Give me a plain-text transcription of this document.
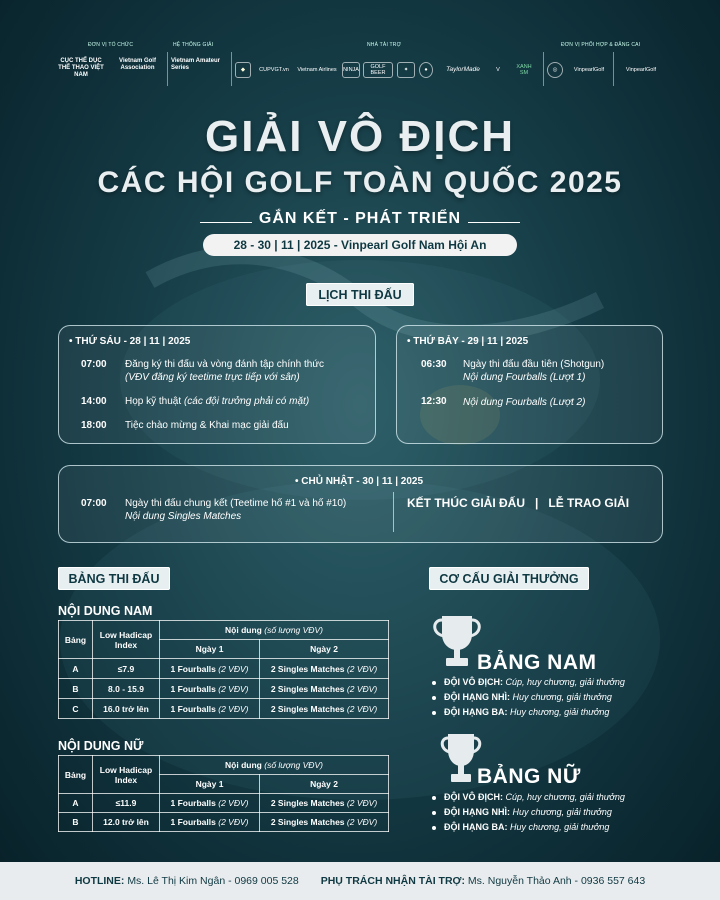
ĐƠN VỊ TỔ CHỨC
CỤC THỂ DỤC THỂ THAO VIỆT NAM
Vietnam Golf Association
HỆ THỐNG GIẢI
Vietnam Amateur Series
NHÀ TÀI TRỢ
◆	CUPVGT.vn	Vietnam Airlines	NINJA	GOLF BEER	✦	●	TaylorMade	V	XANH SM
ĐƠN VỊ PHỐI HỢP & ĐĂNG CAI
◎	VinpearlGolf	VinpearlGolf
GIẢI VÔ ĐỊCH
CÁC HỘI GOLF TOÀN QUỐC 2025
GẮN KẾT - PHÁT TRIỂN
28 - 30 | 11 | 2025 - Vinpearl Golf Nam Hội An
LỊCH THI ĐẤU
• THỨ SÁU - 28 | 11 | 2025
07:00 Đăng ký thi đấu và vòng đánh tập chính thức
(VĐV đăng ký teetime trực tiếp với sân)
14:00 Họp kỹ thuật (các đội trưởng phải có mặt)
18:00 Tiệc chào mừng & Khai mạc giải đấu
• THỨ BẢY - 29 | 11 | 2025
06:30 Ngày thi đấu đầu tiên (Shotgun)
Nội dung Fourballs (Lượt 1)
12:30 Nội dung Fourballs (Lượt 2)
• CHỦ NHẬT - 30 | 11 | 2025
07:00 Ngày thi đấu chung kết (Teetime hố #1 và hố #10)
Nội dung Singles Matches
KẾT THÚC GIẢI ĐẤU | LỄ TRAO GIẢI
BẢNG THI ĐẤU
NỘI DUNG NAM
Bảng	Low Hadicap Index	Nội dung (số lượng VĐV)	
		Ngày 1	Ngày 2
A	≤7.9	1 Fourballs (2 VĐV)	2 Singles Matches (2 VĐV)
B	8.0 - 15.9	1 Fourballs (2 VĐV)	2 Singles Matches (2 VĐV)
C	16.0 trở lên	1 Fourballs (2 VĐV)	2 Singles Matches (2 VĐV)
NỘI DUNG NỮ
Bảng	Low Hadicap Index	Nội dung (số lượng VĐV)	
		Ngày 1	Ngày 2
A	≤11.9	1 Fourballs (2 VĐV)	2 Singles Matches (2 VĐV)
B	12.0 trở lên	1 Fourballs (2 VĐV)	2 Singles Matches (2 VĐV)
CƠ CẤU GIẢI THƯỞNG
BẢNG NAM
ĐỘI VÔ ĐỊCH: Cúp, huy chương, giải thưởng
ĐỘI HẠNG NHÌ: Huy chương, giải thưởng
ĐỘI HẠNG BA: Huy chương, giải thưởng
BẢNG NỮ
ĐỘI VÔ ĐỊCH: Cúp, huy chương, giải thưởng
ĐỘI HẠNG NHÌ: Huy chương, giải thưởng
ĐỘI HẠNG BA: Huy chương, giải thưởng
HOTLINE: Ms. Lê Thị Kim Ngân - 0969 005 528 PHỤ TRÁCH NHẬN TÀI TRỢ: Ms. Nguyễn Thảo Anh - 0936 557 643
